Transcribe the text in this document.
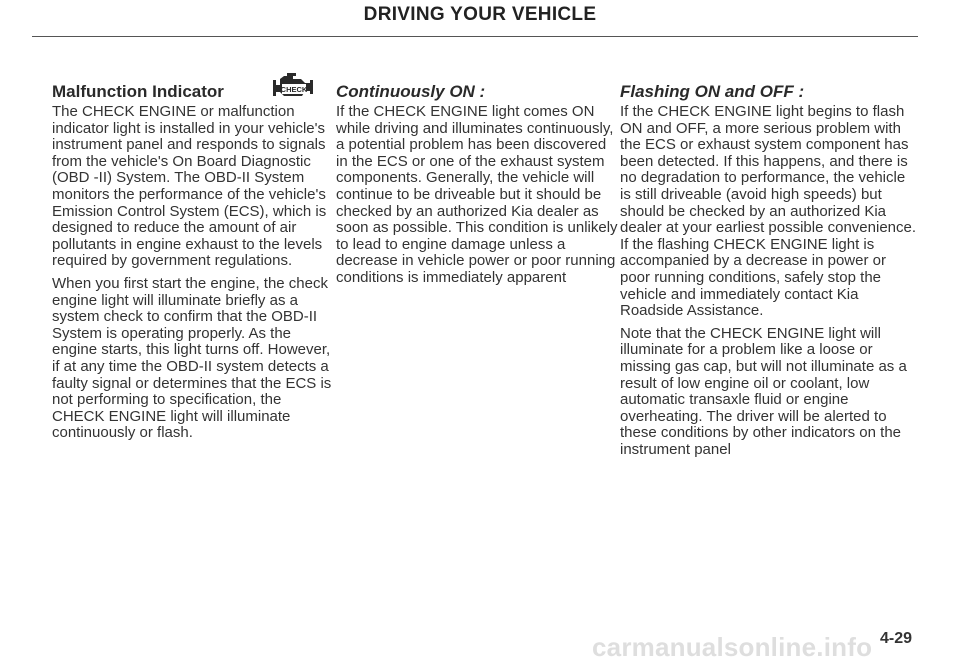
DRIVING YOUR VEHICLE
Malfunction Indicator	CHECK

The CHECK ENGINE or malfunction indicator light is installed in your vehicle's instrument panel and responds to signals from the vehicle's On Board Diagnostic (OBD -II) System. The OBD-II System monitors the performance of the vehicle's Emission Control System (ECS), which is designed to reduce the amount of air pollutants in engine exhaust to the levels required by government regulations.

When you first start the engine, the check engine light will illuminate briefly as a system check to confirm that the OBD-II System is operating properly. As the engine starts, this light turns off. However, if at any time the OBD-II system detects a faulty signal or determines that the ECS is not performing to specification, the CHECK ENGINE light will illuminate continuously or flash.

Continuously ON :

If the CHECK ENGINE light comes ON while driving and illuminates continuously, a potential problem has been discovered in the ECS or one of the exhaust system components. Generally, the vehicle will continue to be driveable but it should be checked by an authorized Kia dealer as soon as possible. This condition is unlikely to lead to engine damage unless a decrease in vehicle power or poor running conditions is immediately apparent

Flashing ON and OFF :

If the CHECK ENGINE light begins to flash ON and OFF, a more serious problem with the ECS or exhaust system component has been detected. If this happens, and there is no degradation to performance, the vehicle is still driveable (avoid high speeds) but should be checked by an authorized Kia dealer at your earliest possible convenience. If the flashing CHECK ENGINE light is accompanied by a decrease in power or poor running conditions, safely stop the vehicle and immediately contact Kia Roadside Assistance.

Note that the CHECK ENGINE light will illuminate for a problem like a loose or missing gas cap, but will not illuminate as a result of low engine oil or coolant, low automatic transaxle fluid or engine overheating. The driver will be alerted to these conditions by other indicators on the instrument panel

carmanualsonline.info 4-29
